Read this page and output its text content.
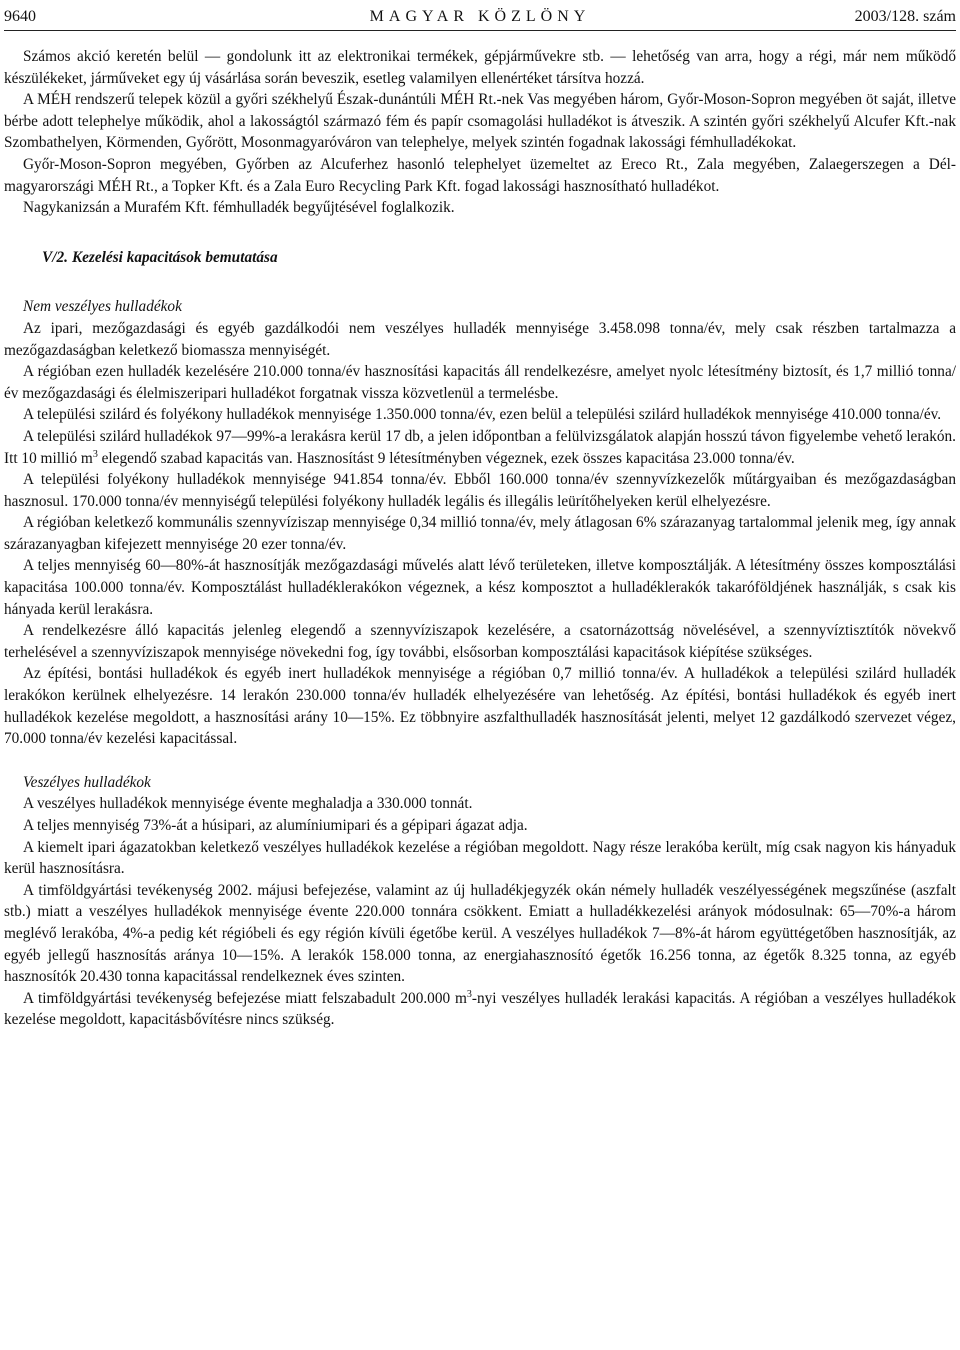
9640	MAGYAR KÖZLÖNY	2003/128. szám

Számos akció keretén belül — gondolunk itt az elektronikai termékek, gépjárművekre stb. — lehetőség van arra, hogy a régi, már nem működő készülékeket, járműveket egy új vásárlása során beveszik, esetleg valamilyen ellenértéket társítva hozzá.

A MÉH rendszerű telepek közül a győri székhelyű Észak-dunántúli MÉH Rt.-nek Vas megyében három, Győr-Moson-Sopron megyében öt saját, illetve bérbe adott telephelye működik, ahol a lakosságtól származó fém és papír csomagolási hulladékot is átveszik. A szintén győri székhelyű Alcufer Kft.-nak Szombathelyen, Körmenden, Győrött, Mosonmagyaróváron van telephelye, melyek szintén fogadnak lakossági fémhulladékokat.

Győr-Moson-Sopron megyében, Győrben az Alcuferhez hasonló telephelyet üzemeltet az Ereco Rt., Zala megyében, Zalaegerszegen a Dél-magyarországi MÉH Rt., a Topker Kft. és a Zala Euro Recycling Park Kft. fogad lakossági hasznosítható hulladékot.

Nagykanizsán a Murafém Kft. fémhulladék begyűjtésével foglalkozik.

V/2. Kezelési kapacitások bemutatása
Nem veszélyes hulladékok

Az ipari, mezőgazdasági és egyéb gazdálkodói nem veszélyes hulladék mennyisége 3.458.098 tonna/év, mely csak részben tartalmazza a mezőgazdaságban keletkező biomassza mennyiségét.

A régióban ezen hulladék kezelésére 210.000 tonna/év hasznosítási kapacitás áll rendelkezésre, amelyet nyolc létesítmény biztosít, és 1,7 millió tonna/év mezőgazdasági és élelmiszeripari hulladékot forgatnak vissza közvetlenül a termelésbe.

A települési szilárd és folyékony hulladékok mennyisége 1.350.000 tonna/év, ezen belül a települési szilárd hulladékok mennyisége 410.000 tonna/év.

A települési szilárd hulladékok 97—99%-a lerakásra kerül 17 db, a jelen időpontban a felülvizsgálatok alapján hosszú távon figyelembe vehető lerakón. Itt 10 millió $m^3$ elegendő szabad kapacitás van. Hasznosítást 9 létesítményben végeznek, ezek összes kapacitása 23.000 tonna/év.

A települési folyékony hulladékok mennyisége 941.854 tonna/év. Ebből 160.000 tonna/év szennyvízkezelők műtárgyaiban és mezőgazdaságban hasznosul. 170.000 tonna/év mennyiségű települési folyékony hulladék legális és illegális leürítőhelyeken kerül elhelyezésre.

A régióban keletkező kommunális szennyvíziszap mennyisége 0,34 millió tonna/év, mely átlagosan 6% szárazanyag tartalommal jelenik meg, így annak szárazanyagban kifejezett mennyisége 20 ezer tonna/év.

A teljes mennyiség 60—80%-át hasznosítják mezőgazdasági művelés alatt lévő területeken, illetve komposztálják. A létesítmény összes komposztálási kapacitása 100.000 tonna/év. Komposztálást hulladéklerakókon végeznek, a kész komposztot a hulladéklerakók takaróföldjének használják, s csak kis hányada kerül lerakásra.

A rendelkezésre álló kapacitás jelenleg elegendő a szennyvíziszapok kezelésére, a csatornázottság növelésével, a szennyvíztisztítók növekvő terhelésével a szennyvíziszapok mennyisége növekedni fog, így további, elsősorban komposztálási kapacitások kiépítése szükséges.

Az építési, bontási hulladékok és egyéb inert hulladékok mennyisége a régióban 0,7 millió tonna/év. A hulladékok a települési szilárd hulladék lerakókon kerülnek elhelyezésre. 14 lerakón 230.000 tonna/év hulladék elhelyezésére van lehetőség. Az építési, bontási hulladékok és egyéb inert hulladékok kezelése megoldott, a hasznosítási arány 10—15%. Ez többnyire aszfalthulladék hasznosítását jelenti, melyet 12 gazdálkodó szervezet végez, 70.000 tonna/év kezelési kapacitással.

Veszélyes hulladékok

A veszélyes hulladékok mennyisége évente meghaladja a 330.000 tonnát.

A teljes mennyiség 73%-át a húsipari, az alumíniumipari és a gépipari ágazat adja.

A kiemelt ipari ágazatokban keletkező veszélyes hulladékok kezelése a régióban megoldott. Nagy része lerakóba került, míg csak nagyon kis hányaduk kerül hasznosításra.

A timföldgyártási tevékenység 2002. májusi befejezése, valamint az új hulladékjegyzék okán némely hulladék veszélyességének megszűnése (aszfalt stb.) miatt a veszélyes hulladékok mennyisége évente 220.000 tonnára csökkent. Emiatt a hulladékkezelési arányok módosulnak: 65—70%-a három meglévő lerakóba, 4%-a pedig két régióbeli és egy régión kívüli égetőbe kerül. A veszélyes hulladékok 7—8%-át három együttégetőben hasznosítják, az egyéb jellegű hasznosítás aránya 10—15%. A lerakók 158.000 tonna, az energiahasznosító égetők 16.256 tonna, az égetők 8.325 tonna, az egyéb hasznosítók 20.430 tonna kapacitással rendelkeznek éves szinten.

A timföldgyártási tevékenység befejezése miatt felszabadult 200.000 $m^3$-nyi veszélyes hulladék lerakási kapacitás. A régióban a veszélyes hulladékok kezelése megoldott, kapacitásbővítésre nincs szükség.
